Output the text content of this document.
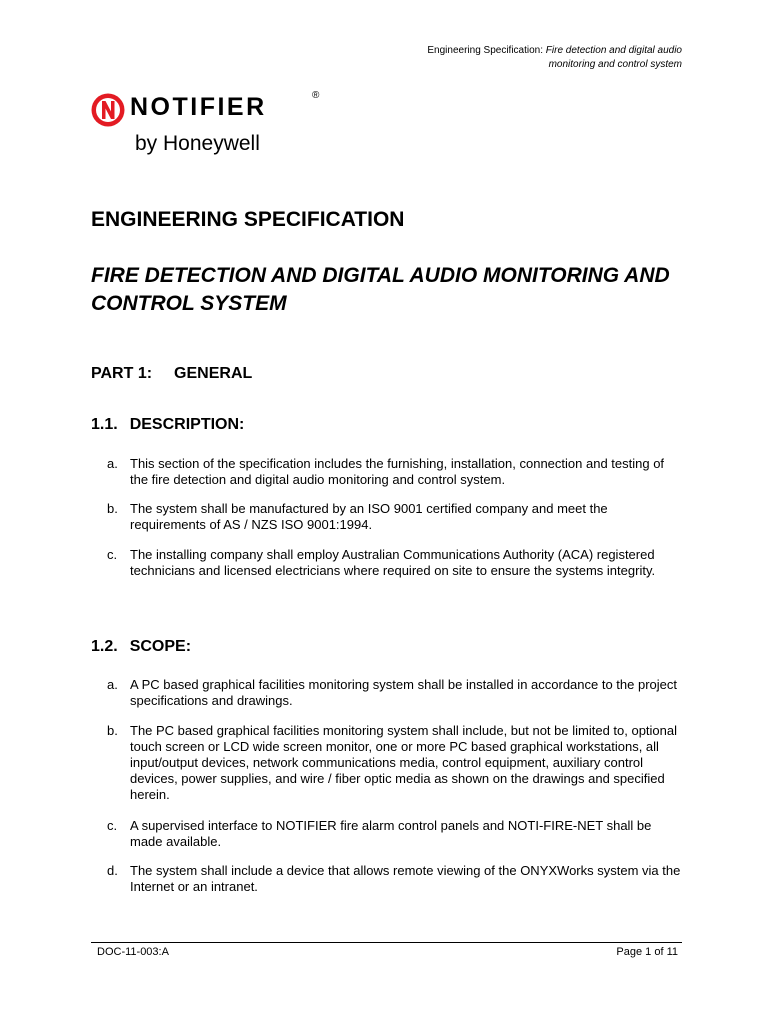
Engineering Specification: Fire detection and digital audio
monitoring and control system
NOTIFIER	®
by Honeywell
ENGINEERING SPECIFICATION
FIRE DETECTION AND DIGITAL AUDIO MONITORING AND CONTROL SYSTEM
PART 1: GENERAL
1.1. DESCRIPTION:
a. This section of the specification includes the furnishing, installation, connection and testing of the fire detection and digital audio monitoring and control system.
b. The system shall be manufactured by an ISO 9001 certified company and meet the requirements of AS / NZS ISO 9001:1994.
c. The installing company shall employ Australian Communications Authority (ACA) registered technicians and licensed electricians where required on site to ensure the systems integrity.
1.2. SCOPE:
a. A PC based graphical facilities monitoring system shall be installed in accordance to the project specifications and drawings.
b. The PC based graphical facilities monitoring system shall include, but not be limited to, optional touch screen or LCD wide screen monitor, one or more PC based graphical workstations, all input/output devices, network communications media, control equipment, auxiliary control devices, power supplies, and wire / fiber optic media as shown on the drawings and specified herein.
c. A supervised interface to NOTIFIER fire alarm control panels and NOTI-FIRE-NET shall be made available.
d. The system shall include a device that allows remote viewing of the ONYXWorks system via the Internet or an intranet.
DOC-11-003:A	Page 1 of 11
